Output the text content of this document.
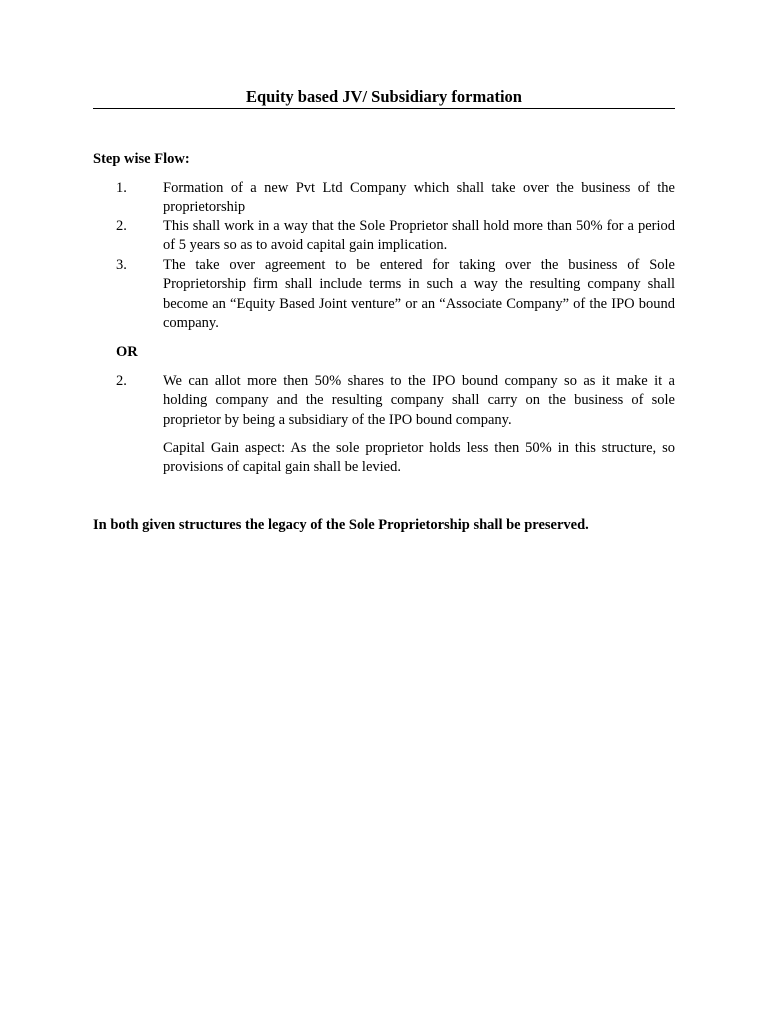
Equity based JV/ Subsidiary formation

Step wise Flow:

1. Formation of a new Pvt Ltd Company which shall take over the business of the proprietorship
2. This shall work in a way that the Sole Proprietor shall hold more than 50% for a period of 5 years so as to avoid capital gain implication.
3. The take over agreement to be entered for taking over the business of Sole Proprietorship firm shall include terms in such a way the resulting company shall become an “Equity Based Joint venture” or an “Associate Company” of the IPO bound company.

OR

2. We can allot more then 50% shares to the IPO bound company so as it make it a holding company and the resulting company shall carry on the business of sole proprietor by being a subsidiary of the IPO bound company.

Capital Gain aspect: As the sole proprietor holds less then 50% in this structure, so provisions of capital gain shall be levied.

In both given structures the legacy of the Sole Proprietorship shall be preserved.
